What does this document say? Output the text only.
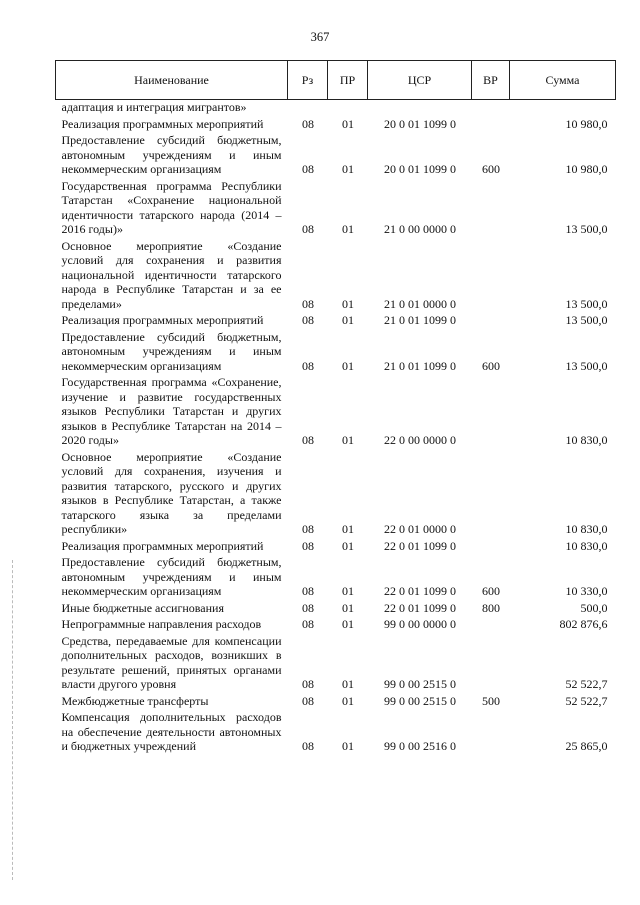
367
Наименование	Рз	ПР	ЦСР	ВР	Сумма
адаптация и интеграция мигрантов»					
Реализация программных мероприятий	08	01	20 0 01 1099 0		10 980,0
Предоставление субсидий бюджетным, автономным учреждениям и иным некоммерческим организациям	08	01	20 0 01 1099 0	600	10 980,0
Государственная программа Республики Татарстан «Сохранение национальной идентичности татарского народа (2014 – 2016 годы)»	08	01	21 0 00 0000 0		13 500,0
Основное мероприятие «Создание условий для сохранения и развития национальной идентичности татарского народа в Республике Татарстан и за ее пределами»	08	01	21 0 01 0000 0		13 500,0
Реализация программных мероприятий	08	01	21 0 01 1099 0		13 500,0
Предоставление субсидий бюджетным, автономным учреждениям и иным некоммерческим организациям	08	01	21 0 01 1099 0	600	13 500,0
Государственная программа «Сохранение, изучение и развитие государственных языков Республики Татарстан и других языков в Республике Татарстан на 2014 – 2020 годы»	08	01	22 0 00 0000 0		10 830,0
Основное мероприятие «Создание условий для сохранения, изучения и развития татарского, русского и других языков в Республике Татарстан, а также татарского языка за пределами республики»	08	01	22 0 01 0000 0		10 830,0
Реализация программных мероприятий	08	01	22 0 01 1099 0		10 830,0
Предоставление субсидий бюджетным, автономным учреждениям и иным некоммерческим организациям	08	01	22 0 01 1099 0	600	10 330,0
Иные бюджетные ассигнования	08	01	22 0 01 1099 0	800	500,0
Непрограммные направления расходов	08	01	99 0 00 0000 0		802 876,6
Средства, передаваемые для компенсации дополнительных расходов, возникших в результате решений, принятых органами власти другого уровня	08	01	99 0 00 2515 0		52 522,7
Межбюджетные трансферты	08	01	99 0 00 2515 0	500	52 522,7
Компенсация дополнительных расходов на обеспечение деятельности автономных и бюджетных учреждений	08	01	99 0 00 2516 0		25 865,0
